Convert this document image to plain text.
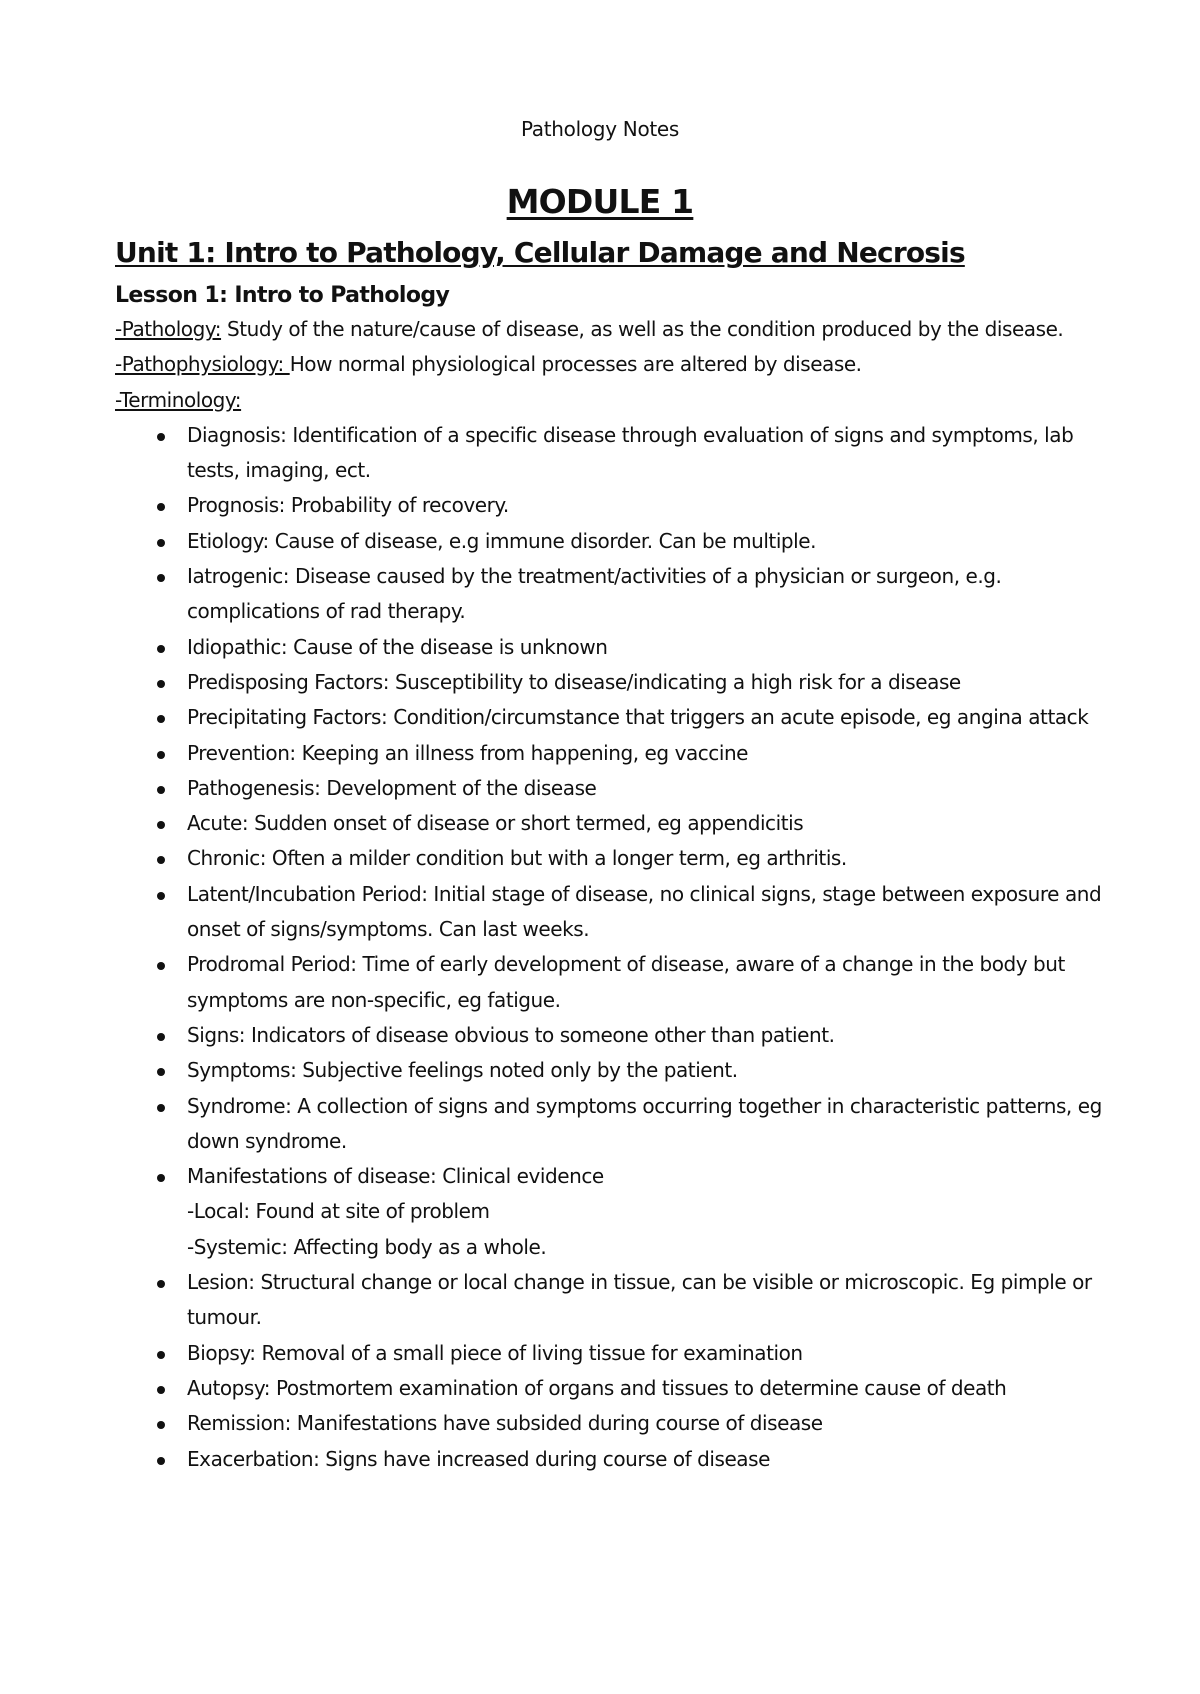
Pathology Notes
MODULE 1
Unit 1: Intro to Pathology, Cellular Damage and Necrosis
Lesson 1: Intro to Pathology

-Pathology: Study of the nature/cause of disease, as well as the condition produced by the disease.

-Pathophysiology: How normal physiological processes are altered by disease.

-Terminology:

Diagnosis: Identification of a specific disease through evaluation of signs and symptoms, lab tests, imaging, ect.
Prognosis: Probability of recovery.
Etiology: Cause of disease, e.g immune disorder. Can be multiple.
Iatrogenic: Disease caused by the treatment/activities of a physician or surgeon, e.g. complications of rad therapy.
Idiopathic: Cause of the disease is unknown
Predisposing Factors: Susceptibility to disease/indicating a high risk for a disease
Precipitating Factors: Condition/circumstance that triggers an acute episode, eg angina attack
Prevention: Keeping an illness from happening, eg vaccine
Pathogenesis: Development of the disease
Acute: Sudden onset of disease or short termed, eg appendicitis
Chronic: Often a milder condition but with a longer term, eg arthritis.
Latent/Incubation Period: Initial stage of disease, no clinical signs, stage between exposure and onset of signs/symptoms. Can last weeks.
Prodromal Period: Time of early development of disease, aware of a change in the body but symptoms are non-specific, eg fatigue.
Signs: Indicators of disease obvious to someone other than patient.
Symptoms: Subjective feelings noted only by the patient.
Syndrome: A collection of signs and symptoms occurring together in characteristic patterns, eg down syndrome.
Manifestations of disease: Clinical evidence
-Local: Found at site of problem
-Systemic: Affecting body as a whole.
Lesion: Structural change or local change in tissue, can be visible or microscopic. Eg pimple or tumour.
Biopsy: Removal of a small piece of living tissue for examination
Autopsy: Postmortem examination of organs and tissues to determine cause of death
Remission: Manifestations have subsided during course of disease
Exacerbation: Signs have increased during course of disease
